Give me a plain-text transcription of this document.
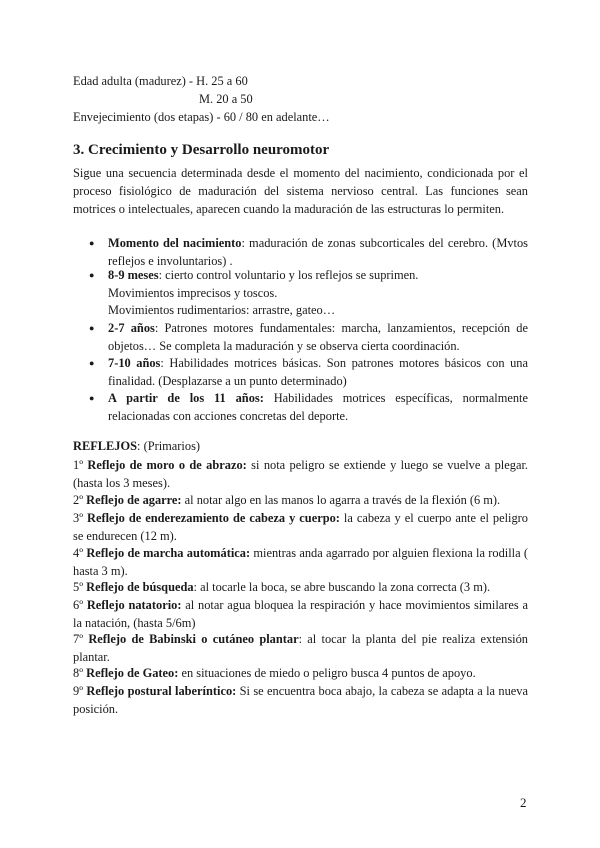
Edad adulta (madurez) - H. 25 a 60
M. 20 a 50
Envejecimiento (dos etapas) - 60 / 80 en adelante…
3. Crecimiento y Desarrollo neuromotor
Sigue una secuencia determinada desde el momento del nacimiento, condicionada por el proceso fisiológico de maduración del sistema nervioso central. Las funciones sean motrices o intelectuales, aparecen cuando la maduración de las estructuras lo permiten.
● Momento del nacimiento: maduración de zonas subcorticales del cerebro. (Mvtos reflejos e involuntarios) .
● 8-9 meses: cierto control voluntario y los reflejos se suprimen.
Movimientos imprecisos y toscos.
Movimientos rudimentarios: arrastre, gateo…
● 2-7 años: Patrones motores fundamentales: marcha, lanzamientos, recepción de objetos… Se completa la maduración y se observa cierta coordinación.
● 7-10 años: Habilidades motrices básicas. Son patrones motores básicos con una finalidad. (Desplazarse a un punto determinado)
● A partir de los 11 años: Habilidades motrices específicas, normalmente relacionadas con acciones concretas del deporte.
REFLEJOS: (Primarios)
1º Reflejo de moro o de abrazo: si nota peligro se extiende y luego se vuelve a plegar. (hasta los 3 meses).
2º Reflejo de agarre: al notar algo en las manos lo agarra a través de la flexión (6 m).
3º Reflejo de enderezamiento de cabeza y cuerpo: la cabeza y el cuerpo ante el peligro se endurecen (12 m).
4º Reflejo de marcha automática: mientras anda agarrado por alguien flexiona la rodilla ( hasta 3 m).
5º Reflejo de búsqueda: al tocarle la boca, se abre buscando la zona correcta (3 m).
6º Reflejo natatorio: al notar agua bloquea la respiración y hace movimientos similares a la natación, (hasta 5/6m)
7º Reflejo de Babinski o cutáneo plantar: al tocar la planta del pie realiza extensión plantar.
8º Reflejo de Gateo: en situaciones de miedo o peligro busca 4 puntos de apoyo.
9º Reflejo postural laberíntico: Si se encuentra boca abajo, la cabeza se adapta a la nueva posición.
2
